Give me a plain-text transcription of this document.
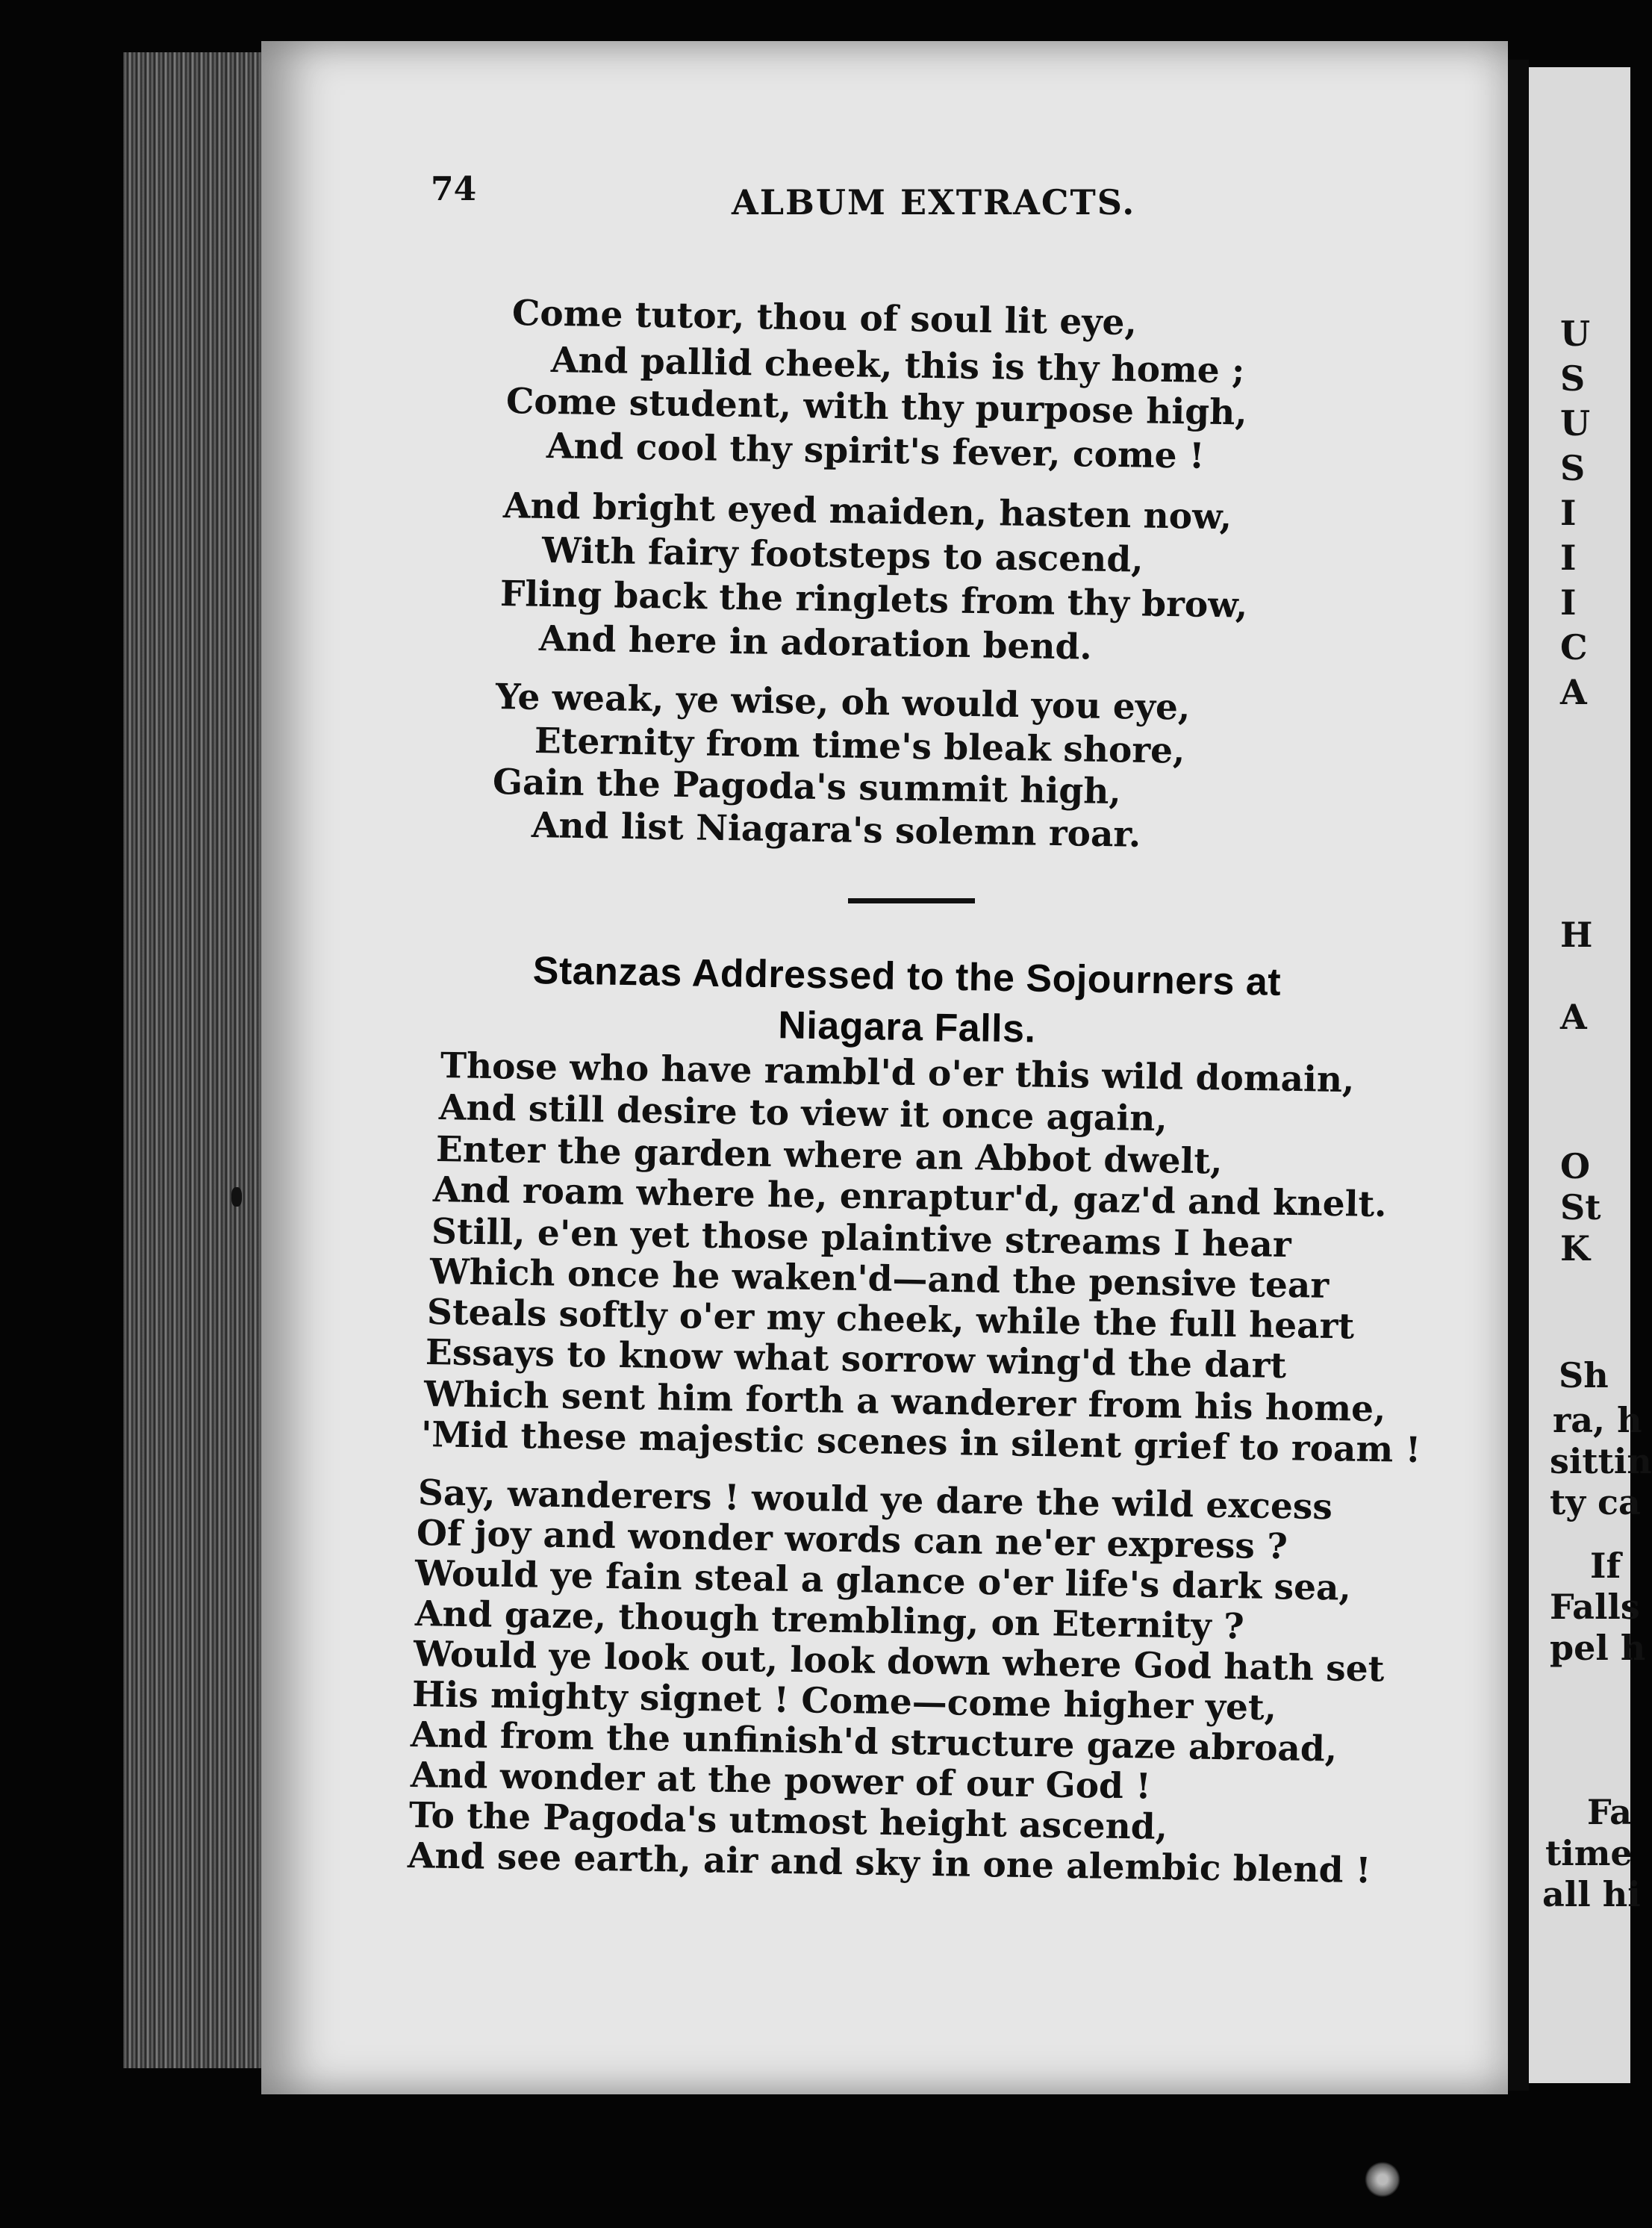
74	ALBUM EXTRACTS.
Come tutor, thou of soul lit eye,
And pallid cheek, this is thy home ;
Come student, with thy purpose high,
And cool thy spirit's fever, come !
And bright eyed maiden, hasten now,
With fairy footsteps to ascend,
Fling back the ringlets from thy brow,
And here in adoration bend.
Ye weak, ye wise, oh would you eye,
Eternity from time's bleak shore,
Gain the Pagoda's summit high,
And list Niagara's solemn roar.
Stanzas Addressed to the Sojourners at
Niagara Falls.
Those who have rambl'd o'er this wild domain,
And still desire to view it once again,
Enter the garden where an Abbot dwelt,
And roam where he, enraptur'd, gaz'd and knelt.
Still, e'en yet those plaintive streams I hear
Which once he waken'd—and the pensive tear
Steals softly o'er my cheek, while the full heart
Essays to know what sorrow wing'd the dart
Which sent him forth a wanderer from his home,
'Mid these majestic scenes in silent grief to roam !
Say, wanderers ! would ye dare the wild excess
Of joy and wonder words can ne'er express ?
Would ye fain steal a glance o'er life's dark sea,
And gaze, though trembling, on Eternity ?
Would ye look out, look down where God hath set
His mighty signet ! Come—come higher yet,
And from the unfinish'd structure gaze abroad,
And wonder at the power of our God !
To the Pagoda's utmost height ascend,
And see earth, air and sky in one alembic blend !
U
S
U
S
I
I
I
C
A
H
A
O
St
K
Sh
ra, h
sittin
ty ca
If
Falls
pel h
Fa
time
all hi
